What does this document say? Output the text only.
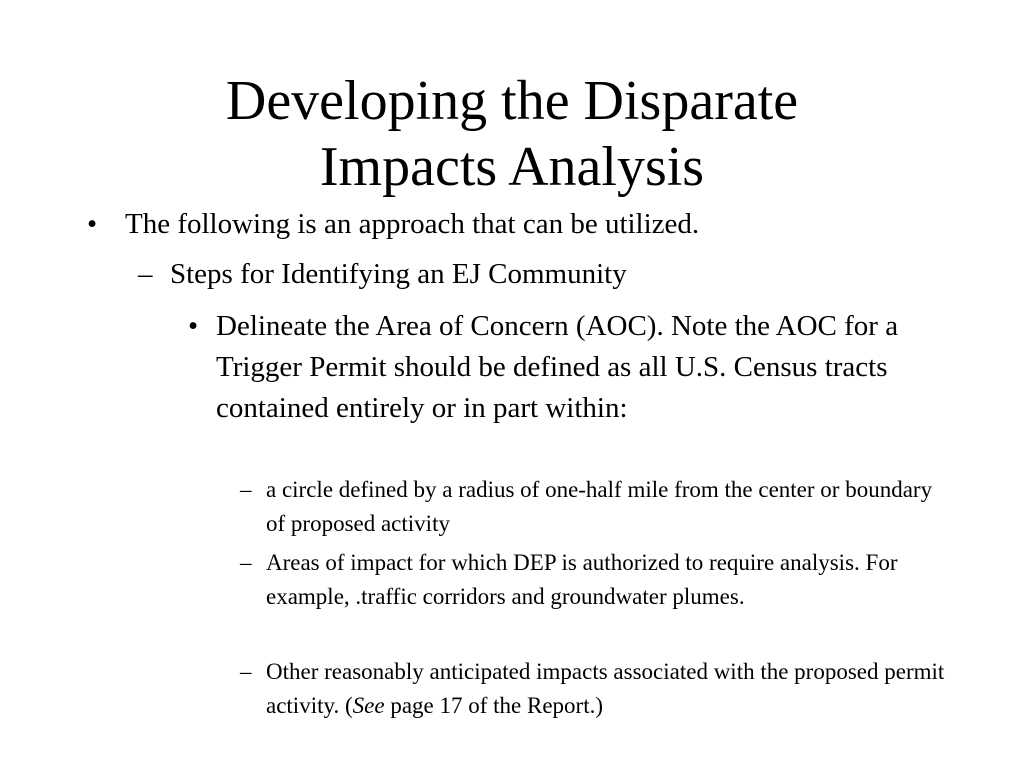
Developing the Disparate
Impacts Analysis
• The following is an approach that can be utilized.
– Steps for Identifying an EJ Community
• Delineate the Area of Concern (AOC). Note the AOC for a Trigger Permit should be defined as all U.S. Census tracts contained entirely or in part within:
– a circle defined by a radius of one-half mile from the center or boundary of proposed activity
– Areas of impact for which DEP is authorized to require analysis. For example, .traffic corridors and groundwater plumes.
– Other reasonably anticipated impacts associated with the proposed permit activity. (See page 17 of the Report.)
